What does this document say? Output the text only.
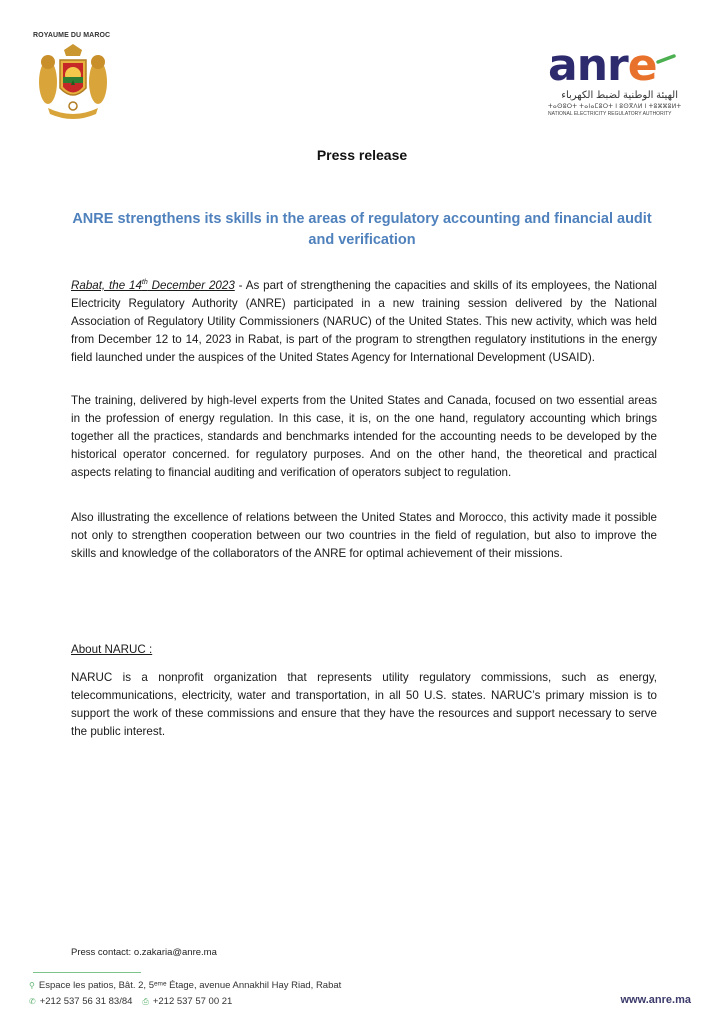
ROYAUME DU MAROC
anre
الهيئة الوطنية لضبط الكهرباء
ⵜⴰⵙⵓⵔⵜ ⵜⴰⵏⴰⵎⵓⵔⵜ ⵏ ⵓⵙⴳⴷⵍ ⵏ ⵜⵓⵣⵣⵓⵍⵜ
NATIONAL ELECTRICITY REGULATORY AUTHORITY
Press release
ANRE strengthens its skills in the areas of regulatory accounting and financial audit and verification
Rabat, the 14th December 2023 - As part of strengthening the capacities and skills of its employees, the National Electricity Regulatory Authority (ANRE) participated in a new training session delivered by the National Association of Regulatory Utility Commissioners (NARUC) of the United States. This new activity, which was held from December 12 to 14, 2023 in Rabat, is part of the program to strengthen regulatory institutions in the energy field launched under the auspices of the United States Agency for International Development (USAID).
The training, delivered by high-level experts from the United States and Canada, focused on two essential areas in the profession of energy regulation. In this case, it is, on the one hand, regulatory accounting which brings together all the practices, standards and benchmarks intended for the accounting needs to be developed by the historical operator concerned. for regulatory purposes. And on the other hand, the theoretical and practical aspects relating to financial auditing and verification of operators subject to regulation.
Also illustrating the excellence of relations between the United States and Morocco, this activity made it possible not only to strengthen cooperation between our two countries in the field of regulation, but also to improve the skills and knowledge of the collaborators of the ANRE for optimal achievement of their missions.
About NARUC :
NARUC is a nonprofit organization that represents utility regulatory commissions, such as energy, telecommunications, electricity, water and transportation, in all 50 U.S. states. NARUC’s primary mission is to support the work of these commissions and ensure that they have the resources and support necessary to serve the public interest.
Press contact: o.zakaria@anre.ma
⚲ Espace les patios, Bât. 2, 5ᵉᵐᵉ Étage, avenue Annakhil Hay Riad, Rabat
✆ +212 537 56 31 83/84 ⎙ +212 537 57 00 21	www.anre.ma
